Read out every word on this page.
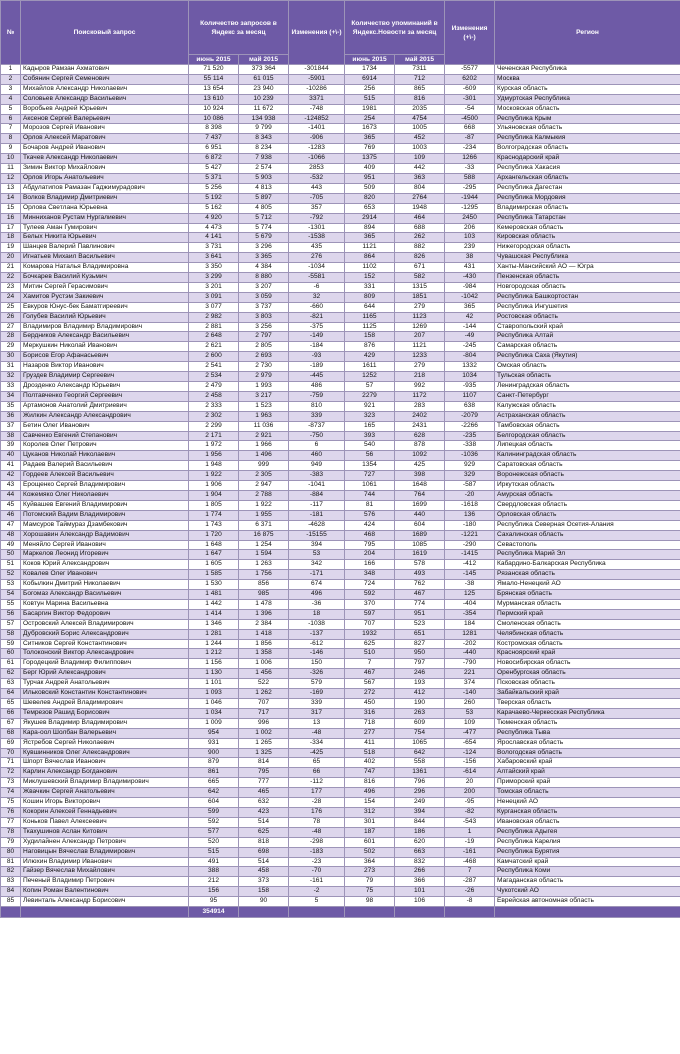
№	Поисковый запрос	Количество запросов в Яндекс за месяц		Изменения (+\-)	Количество упоминаний в Яндекс.Новости за месяц		Изменения (+\-)	Регион
		июнь 2015	май 2015		июнь 2015	май 2015		
1	Кадыров Рамзан Ахматович	71 520	373 364	-301844	1734	7311	-5577	Чеченская Республика
2	Собянин Сергей Семенович	55 114	61 015	-5901	6914	712	6202	Москва
3	Михайлов Александр Николаевич	13 654	23 940	-10286	256	865	-609	Курская область
4	Соловьев Александр Васильевич	13 610	10 239	3371	515	816	-301	Удмуртская Республика
5	Воробьев Андрей Юрьевич	10 924	11 672	-748	1981	2035	-54	Московская область
6	Аксенов Сергей Валерьевич	10 086	134 938	-124852	254	4754	-4500	Республика Крым
7	Морозов Сергей Иванович	8 398	9 799	-1401	1673	1005	668	Ульяновская область
8	Орлов Алексей Маратович	7 437	8 343	-906	365	452	-87	Республика Калмыкия
9	Бочаров Андрей Иванович	6 951	8 234	-1283	769	1003	-234	Волгоградская область
10	Ткачев Александр Николаевич	6 872	7 938	-1066	1375	109	1266	Краснодарский край
11	Зимин Виктор Михайлович	5 427	2 574	2853	409	442	-33	Республика Хакасия
12	Орлов Игорь Анатольевич	5 371	5 903	-532	951	363	588	Архангельская область
13	Абдулатипов Рамазан Гаджимурадович	5 256	4 813	443	509	804	-295	Республика Дагестан
14	Волков Владимир Дмитриевич	5 192	5 897	-705	820	2764	-1944	Республика Мордовия
15	Орлова Светлана Юрьевна	5 162	4 805	357	653	1948	-1295	Владимирская область
16	Минниханов Рустам Нургалиевич	4 920	5 712	-792	2914	464	2450	Республика Татарстан
17	Тулеев Аман Гумирович	4 473	5 774	-1301	894	688	206	Кемеровская область
18	Белых Никита Юрьевич	4 141	5 679	-1538	365	262	103	Кировская область
19	Шанцев Валерий Павлинович	3 731	3 296	435	1121	882	239	Нижегородская область
20	Игнатьев Михаил Васильевич	3 641	3 365	276	864	826	38	Чувашская Республика
21	Комарова Наталья Владимировна	3 350	4 384	-1034	1102	671	431	Ханты-Мансийский АО — Югра
22	Бочкарев Василий Кузьмич	3 299	8 880	-5581	152	582	-430	Пензенская область
23	Митин Сергей Герасимович	3 201	3 207	-6	331	1315	-984	Новгородская область
24	Хамитов Рустэм Закиевич	3 091	3 059	32	809	1851	-1042	Республика Башкортостан
25	Евкуров Юнус-бек Баматгиреевич	3 077	3 737	-660	644	279	365	Республика Ингушетия
26	Голубев Василий Юрьевич	2 982	3 803	-821	1165	1123	42	Ростовская область
27	Владимиров Владимир Владимирович	2 881	3 256	-375	1125	1269	-144	Ставропольский край
28	Бердников Александр Васильевич	2 648	2 797	-149	158	207	-49	Республика Алтай
29	Меркушкин Николай Иванович	2 621	2 805	-184	876	1121	-245	Самарская область
30	Борисов Егор Афанасьевич	2 600	2 693	-93	429	1233	-804	Республика Саха (Якутия)
31	Назаров Виктор Иванович	2 541	2 730	-189	1611	279	1332	Омская область
32	Груздев Владимир Сергеевич	2 534	2 979	-445	1252	218	1034	Тульская область
33	Дрозденко Александр Юрьевич	2 479	1 993	486	57	992	-935	Ленинградская область
34	Полтавченко Георгий Сергеевич	2 458	3 217	-759	2279	1172	1107	Санкт-Петербург
35	Артамонов Анатолий Дмитриевич	2 333	1 523	810	921	283	638	Калужская область
36	Жилкин Александр Александрович	2 302	1 963	339	323	2402	-2079	Астраханская область
37	Бетин Олег Иванович	2 299	11 036	-8737	165	2431	-2266	Тамбовская область
38	Савченко Евгений Степанович	2 171	2 921	-750	393	628	-235	Белгородская область
39	Королев Олег Петрович	1 972	1 966	6	540	878	-338	Липецкая область
40	Цуканов Николай Николаевич	1 956	1 496	460	56	1092	-1036	Калининградская область
41	Радаев Валерий Васильевич	1 948	999	949	1354	425	929	Саратовская область
42	Гордеев Алексей Васильевич	1 922	2 305	-383	727	398	329	Воронежская область
43	Ерощенко Сергей Владимирович	1 906	2 947	-1041	1061	1648	-587	Иркутская область
44	Кожемяко Олег Николаевич	1 904	2 788	-884	744	764	-20	Амурская область
45	Куйвашев Евгений Владимирович	1 805	1 922	-117	81	1699	-1618	Свердловская область
46	Потомский Вадим Владимирович	1 774	1 955	-181	576	440	136	Орловская область
47	Мамсуров Таймураз Дзамбекович	1 743	6 371	-4628	424	604	-180	Республика Северная Осетия-Алания
48	Хорошавин Александр Вадимович	1 720	16 875	-15155	468	1689	-1221	Сахалинская область
49	Меняйло Сергей Иванович	1 648	1 254	394	795	1085	-290	Севастополь
50	Маркелов Леонид Игоревич	1 647	1 594	53	204	1619	-1415	Республика Марий Эл
51	Коков Юрий Александрович	1 605	1 263	342	166	578	-412	Кабардино-Балкарская Республика
52	Ковалев Олег Иванович	1 585	1 756	-171	348	493	-145	Рязанская область
53	Кобылкин Дмитрий Николаевич	1 530	856	674	724	762	-38	Ямало-Ненецкий АО
54	Богомаз Александр Васильевич	1 481	985	496	592	467	125	Брянская область
55	Ковтун Марина Васильевна	1 442	1 478	-36	370	774	-404	Мурманская область
56	Басаргин Виктор Федорович	1 414	1 396	18	597	951	-354	Пермский край
57	Островский Алексей Владимирович	1 346	2 384	-1038	707	523	184	Смоленская область
58	Дубровский Борис Александрович	1 281	1 418	-137	1932	651	1281	Челябинская область
59	Ситников Сергей Константинович	1 244	1 856	-612	625	827	-202	Костромская область
60	Толоконский Виктор Александрович	1 212	1 358	-146	510	950	-440	Красноярский край
61	Городецкий Владимир Филиппович	1 156	1 006	150	7	797	-790	Новосибирская область
62	Берг Юрий Александрович	1 130	1 456	-326	467	246	221	Оренбургская область
63	Турчак Андрей Анатольевич	1 101	522	579	567	193	374	Псковская область
64	Ильковский Константин Константинович	1 093	1 262	-169	272	412	-140	Забайкальский край
65	Шевелев Андрей Владимирович	1 046	707	339	450	190	260	Тверская область
66	Темрезов Рашид Борисович	1 034	717	317	316	263	53	Карачаево-Черкесская Республика
67	Якушев Владимир Владимирович	1 009	996	13	718	609	109	Тюменская область
68	Кара-оол Шолбан Валерьевич	954	1 002	-48	277	754	-477	Республика Тыва
69	Ястребов Сергей Николаевич	931	1 265	-334	411	1065	-654	Ярославская область
70	Кувшинников Олег Александрович	900	1 325	-425	518	642	-124	Вологодская область
71	Шпорт Вячеслав Иванович	879	814	65	402	558	-156	Хабаровский край
72	Карлин Александр Богданович	861	795	66	747	1361	-614	Алтайский край
73	Миклушевский Владимир Владимирович	665	777	-112	816	796	20	Приморский край
74	Жвачкин Сергей Анатольевич	642	465	177	496	296	200	Томская область
75	Кошин Игорь Викторович	604	632	-28	154	249	-95	Ненецкий АО
76	Кокорин Алексей Геннадьевич	599	423	176	312	394	-82	Курганская область
77	Коньков Павел Алексеевич	592	514	78	301	844	-543	Ивановская область
78	Ткахушинов Аслан Китович	577	625	-48	187	186	1	Республика Адыгея
79	Худилайнен Александр Петрович	520	818	-298	601	620	-19	Республика Карелия
80	Наговицын Вячеслав Владимирович	515	698	-183	502	663	-161	Республика Бурятия
81	Илюхин Владимир Иванович	491	514	-23	364	832	-468	Камчатский край
82	Гайзер Вячеслав Михайлович	388	458	-70	273	266	7	Республика Коми
83	Печеный Владимир Петрович	212	373	-161	79	366	-287	Магаданская область
84	Копин Роман Валентинович	156	158	-2	75	101	-26	Чукотский АО
85	Левинталь Александр Борисович	95	90	5	98	106	-8	Еврейская автономная область
		354914						
